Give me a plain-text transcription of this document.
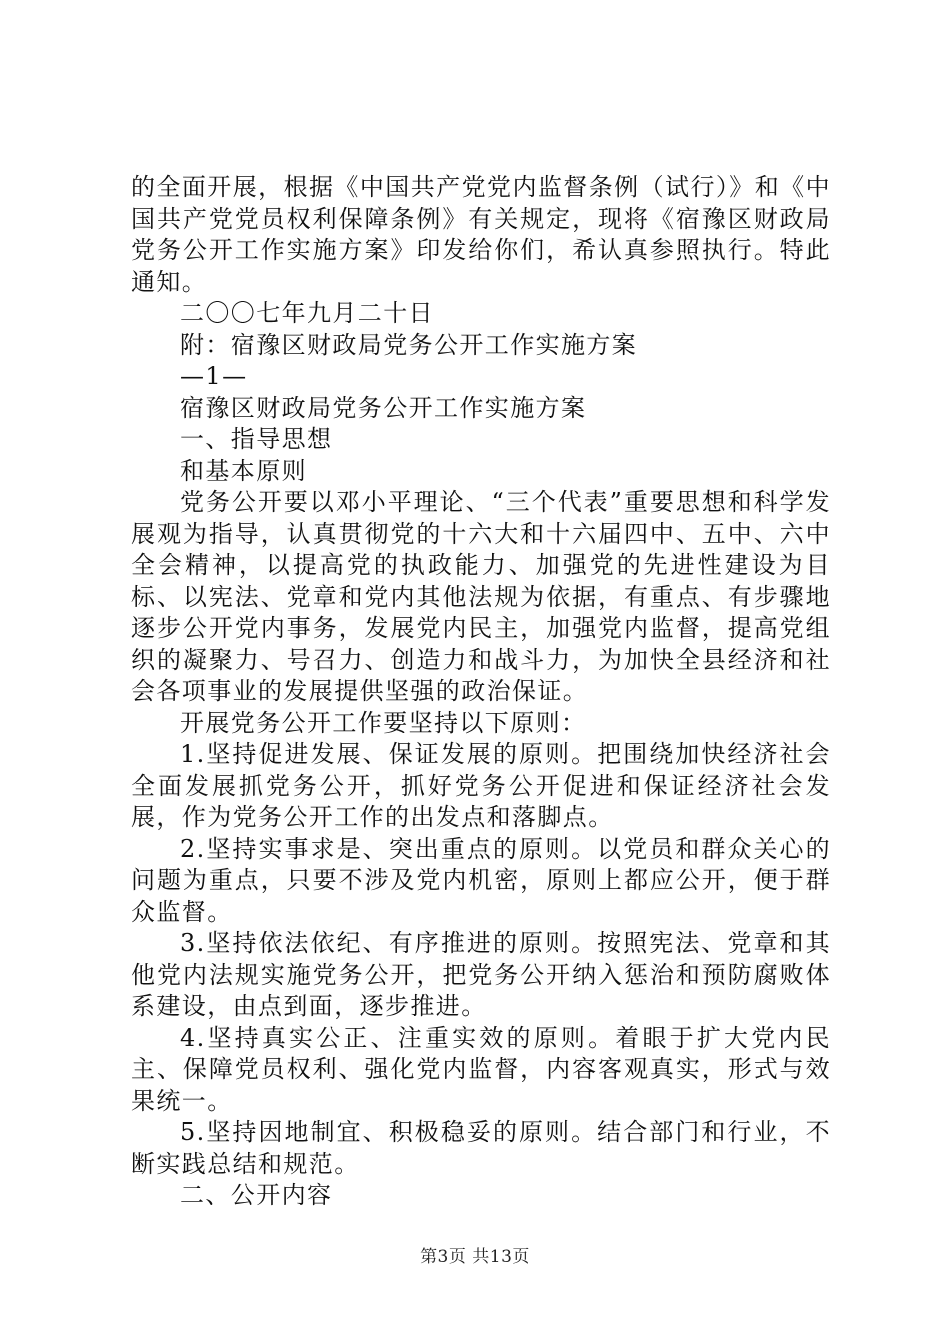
的全面开展，根据《中国共产党党内监督条例（试行）》和《中国共产党党员权利保障条例》有关规定，现将《宿豫区财政局党务公开工作实施方案》印发给你们，希认真参照执行。特此通知。

二〇〇七年九月二十日

附：宿豫区财政局党务公开工作实施方案

—1—

宿豫区财政局党务公开工作实施方案

一、指导思想

和基本原则

党务公开要以邓小平理论、“三个代表”重要思想和科学发展观为指导，认真贯彻党的十六大和十六届四中、五中、六中全会精神，以提高党的执政能力、加强党的先进性建设为目标、以宪法、党章和党内其他法规为依据，有重点、有步骤地逐步公开党内事务，发展党内民主，加强党内监督，提高党组织的凝聚力、号召力、创造力和战斗力，为加快全县经济和社会各项事业的发展提供坚强的政治保证。

开展党务公开工作要坚持以下原则：

1.坚持促进发展、保证发展的原则。把围绕加快经济社会全面发展抓党务公开，抓好党务公开促进和保证经济社会发展，作为党务公开工作的出发点和落脚点。

2.坚持实事求是、突出重点的原则。以党员和群众关心的问题为重点，只要不涉及党内机密，原则上都应公开，便于群众监督。

3.坚持依法依纪、有序推进的原则。按照宪法、党章和其他党内法规实施党务公开，把党务公开纳入惩治和预防腐败体系建设，由点到面，逐步推进。

4.坚持真实公正、注重实效的原则。着眼于扩大党内民主、保障党员权利、强化党内监督，内容客观真实，形式与效果统一。

5.坚持因地制宜、积极稳妥的原则。结合部门和行业，不断实践总结和规范。

二、公开内容

第3页 共13页
